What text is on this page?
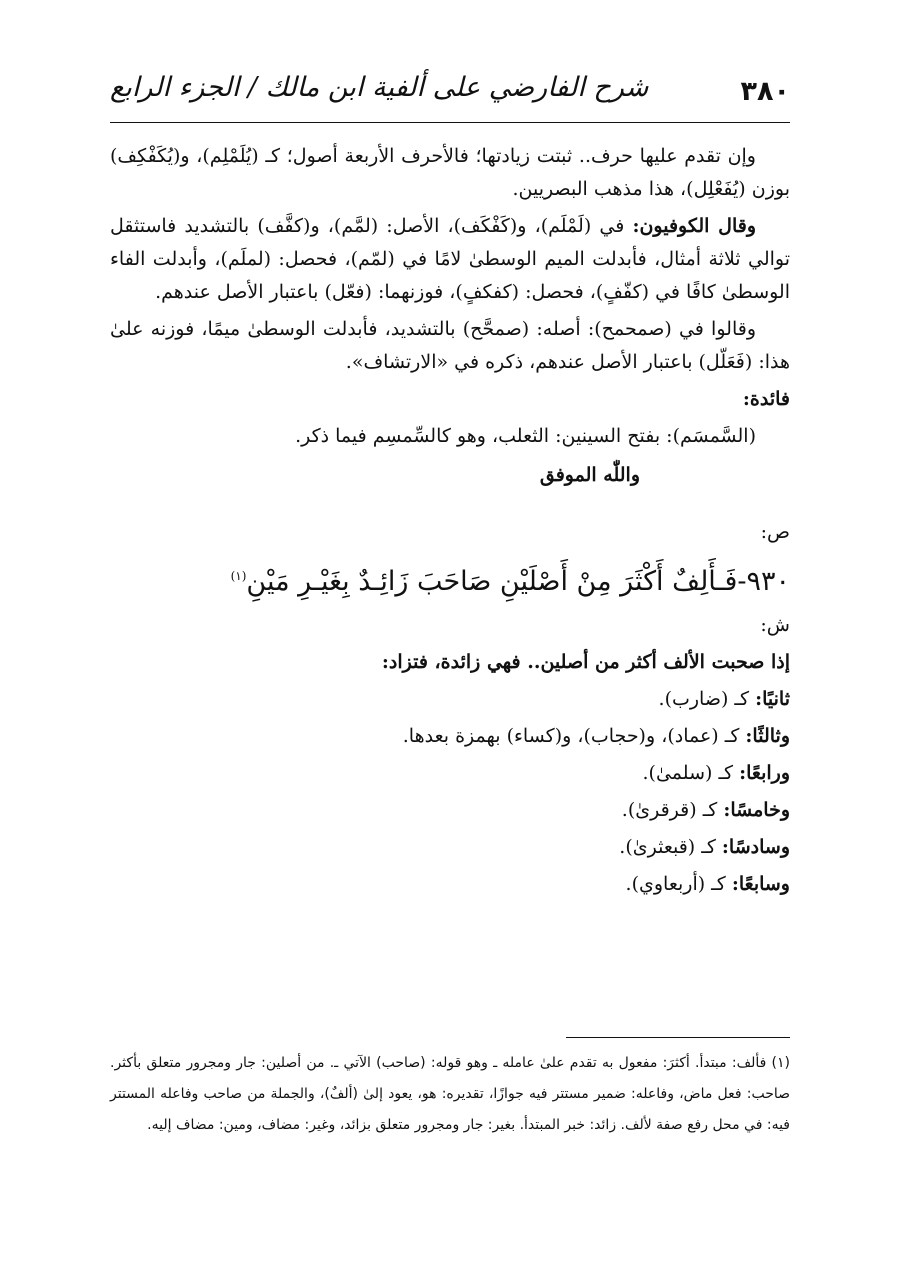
٣٨٠
شرح الفارضي على ألفية ابن مالك / الجزء الرابع

وإن تقدم عليها حرف.. ثبتت زيادتها؛ فالأحرف الأربعة أصول؛ كـ (يُلَمْلِم)، و(يُكَفْكِف) بوزن (يُفَعْلِل)، هذا مذهب البصريين.

وقال الكوفيون: في (لَمْلَم)، و(كَفْكَف)، الأصل: (لمَّم)، و(كفَّف) بالتشديد فاستثقل توالي ثلاثة أمثال، فأبدلت الميم الوسطىٰ لامًا في (لمّم)، فحصل: (لملَم)، وأبدلت الفاء الوسطىٰ كافًا في (كفّفٍ)، فحصل: (كفكفٍ)، فوزنهما: (فعّل) باعتبار الأصل عندهم.

وقالوا في (صمحمح): أصله: (صمحَّح) بالتشديد، فأبدلت الوسطىٰ ميمًا، فوزنه علىٰ هذا: (فَعَلّل) باعتبار الأصل عندهم، ذكره في «الارتشاف».

فائدة:

(السَّمسَم): بفتح السينين: الثعلب، وهو كالسِّمسِم فيما ذكر.

واللّٰه الموفق

ص:

٩٣٠-فَـأَلِفٌ أَكْثَرَ مِنْ أَصْلَيْنِ صَاحَبَ زَائِـدٌ بِغَيْـرِ مَيْنِ$^{(١)}$

ش:

إذا صحبت الألف أكثر من أصلين.. فهي زائدة، فتزاد:

ثانيًا: كـ (ضارب).

وثالثًا: كـ (عماد)، و(حجاب)، و(كساء) بهمزة بعدها.

ورابعًا: كـ (سلمىٰ).

وخامسًا: كـ (قرقرىٰ).

وسادسًا: كـ (قبعثرىٰ).

وسابعًا: كـ (أربعاوي).

(١) فألف: مبتدأ. أكثرَ: مفعول به تقدم علىٰ عامله ـ وهو قوله: (صاحب) الآتي ـ. من أصلين: جار ومجرور متعلق بأكثر. صاحب: فعل ماض، وفاعله: ضمير مستتر فيه جوازًا، تقديره: هو، يعود إلىٰ (ألفٌ)، والجملة من صاحب وفاعله المستتر فيه: في محل رفع صفة لألف. زائد: خبر المبتدأ. بغير: جار ومجرور متعلق بزائد، وغير: مضاف، ومين: مضاف إليه.
